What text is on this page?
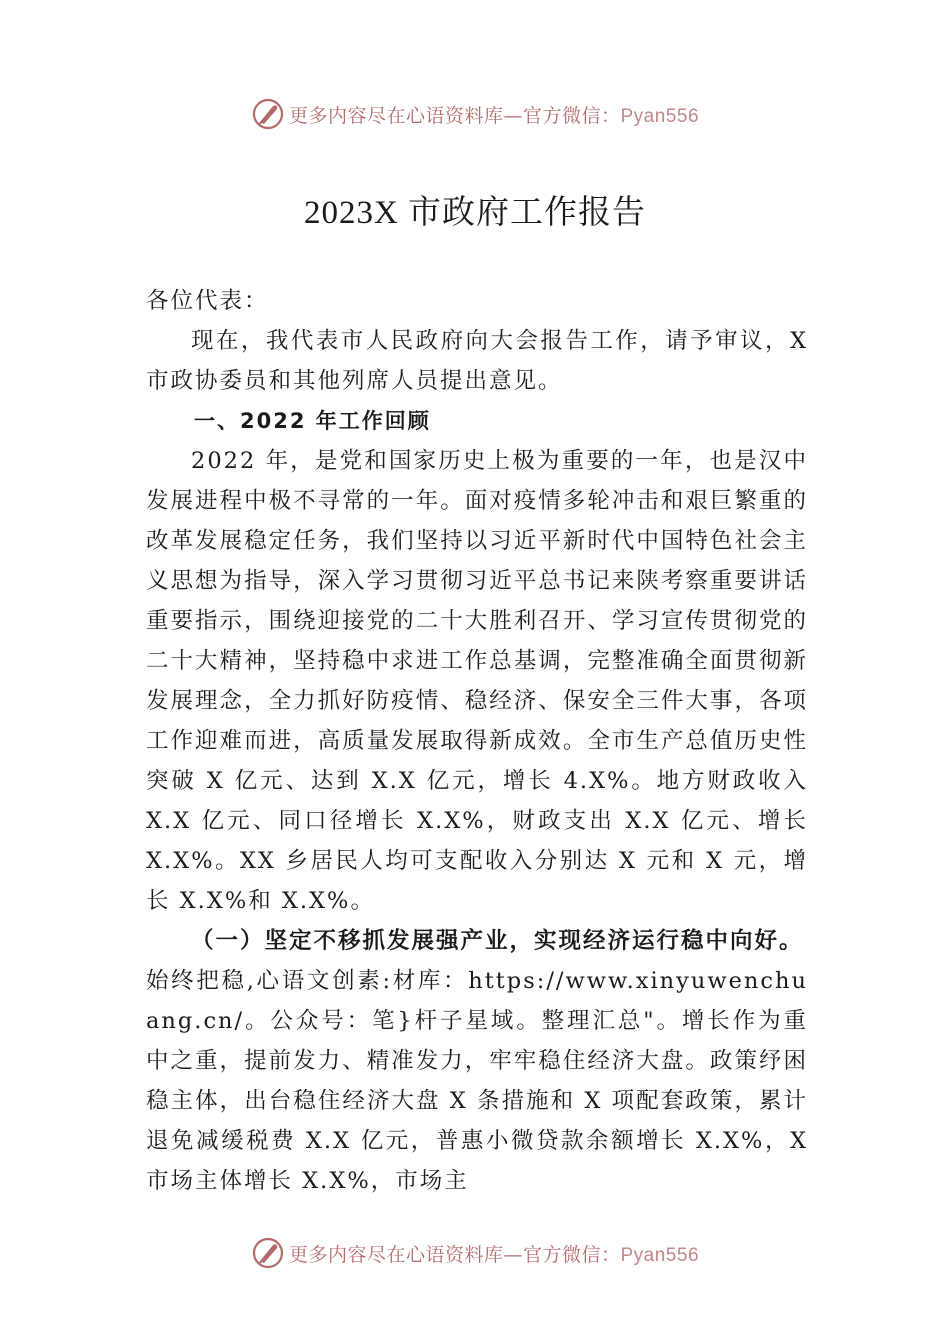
更多内容尽在心语资料库—官方微信：Pyan556
2023X 市政府工作报告

各位代表：

现在，我代表市人民政府向大会报告工作，请予审议，X市政协委员和其他列席人员提出意见。

一、2022 年工作回顾

2022 年，是党和国家历史上极为重要的一年，也是汉中发展进程中极不寻常的一年。面对疫情多轮冲击和艰巨繁重的改革发展稳定任务，我们坚持以习近平新时代中国特色社会主义思想为指导，深入学习贯彻习近平总书记来陕考察重要讲话重要指示，围绕迎接党的二十大胜利召开、学习宣传贯彻党的二十大精神，坚持稳中求进工作总基调，完整准确全面贯彻新发展理念，全力抓好防疫情、稳经济、保安全三件大事，各项工作迎难而进，高质量发展取得新成效。全市生产总值历史性突破 X 亿元、达到 X.X 亿元，增长 4.X%。地方财政收入 X.X 亿元、同口径增长 X.X%，财政支出 X.X 亿元、增长 X.X%。XX 乡居民人均可支配收入分别达 X 元和 X 元，增长 X.X%和 X.X%。

（一）坚定不移抓发展强产业，实现经济运行稳中向好。

始终把稳,心语文创素:材库：https://www.xinyuwenchuang.cn/。公众号：笔}杆子星域。整理汇总"。增长作为重中之重，提前发力、精准发力，牢牢稳住经济大盘。政策纾困稳主体，出台稳住经济大盘 X 条措施和 X 项配套政策，累计退免减缓税费 X.X 亿元，普惠小微贷款余额增长 X.X%，X 市场主体增长 X.X%，市场主

更多内容尽在心语资料库—官方微信：Pyan556
